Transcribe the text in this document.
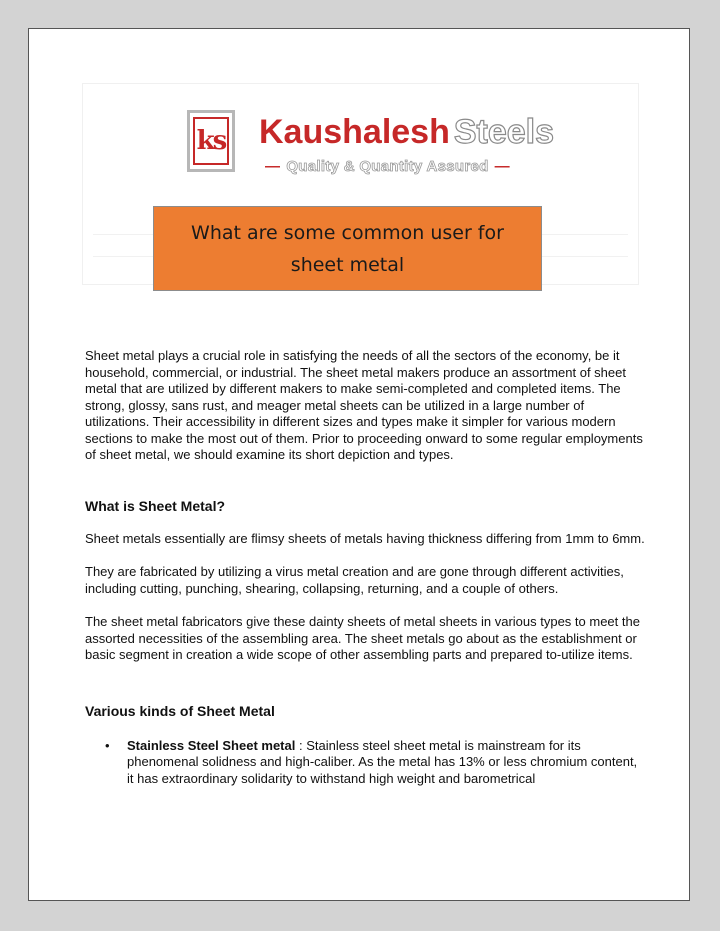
ks Kaushalesh Steels
— Quality & Quantity Assured —
What are some common user for sheet metal

Sheet metal plays a crucial role in satisfying the needs of all the sectors of the economy, be it household, commercial, or industrial. The sheet metal makers produce an assortment of sheet metal that are utilized by different makers to make semi-completed and completed items. The strong, glossy, sans rust, and meager metal sheets can be utilized in a large number of utilizations. Their accessibility in different sizes and types make it simpler for various modern sections to make the most out of them. Prior to proceeding onward to some regular employments of sheet metal, we should examine its short depiction and types.

What is Sheet Metal?

Sheet metals essentially are flimsy sheets of metals having thickness differing from 1mm to 6mm.

They are fabricated by utilizing a virus metal creation and are gone through different activities, including cutting, punching, shearing, collapsing, returning, and a couple of others.

The sheet metal fabricators give these dainty sheets of metal sheets in various types to meet the assorted necessities of the assembling area. The sheet metals go about as the establishment or basic segment in creation a wide scope of other assembling parts and prepared to-utilize items.

Various kinds of Sheet Metal
• Stainless Steel Sheet metal : Stainless steel sheet metal is mainstream for its phenomenal solidness and high-caliber. As the metal has 13% or less chromium content, it has extraordinary solidarity to withstand high weight and barometrical
